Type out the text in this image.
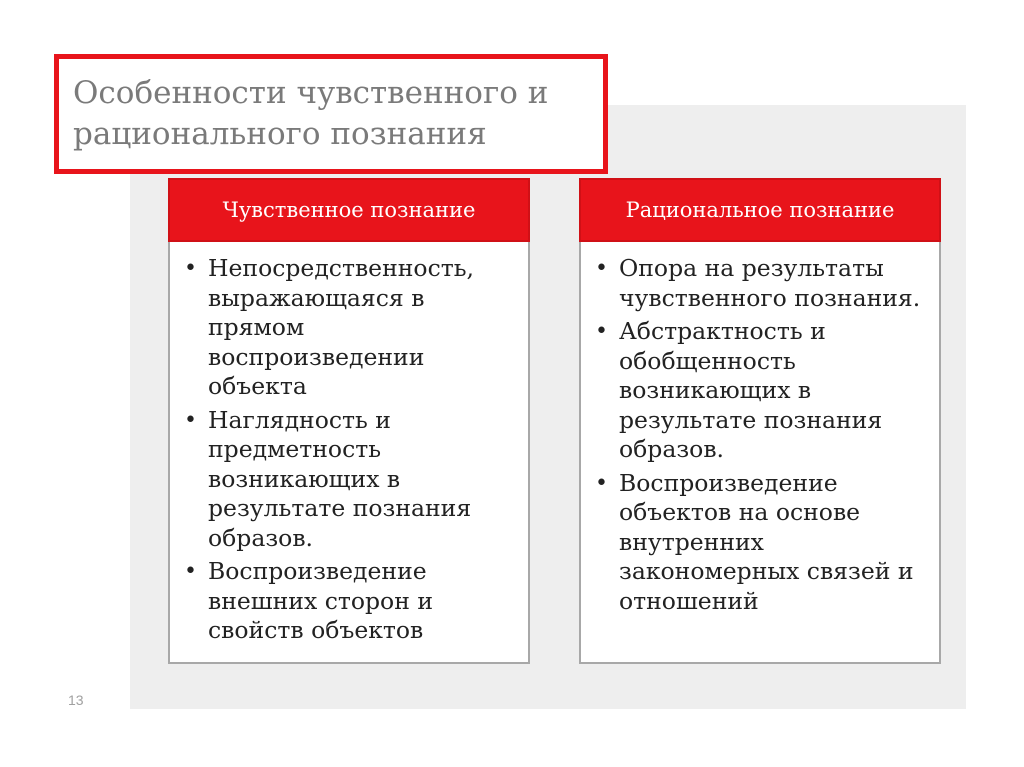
Особенности чувственного и рационального познания
Чувственное познание
• Непосредственность, выражающаяся в прямом воспроизведении объекта
• Наглядность и предметность возникающих в результате познания образов.
• Воспроизведение внешних сторон и свойств объектов
Рациональное познание
• Опора на результаты чувственного познания.
• Абстрактность и обобщенность возникающих в результате познания образов.
• Воспроизведение объектов на основе внутренних закономерных связей и отношений
13
